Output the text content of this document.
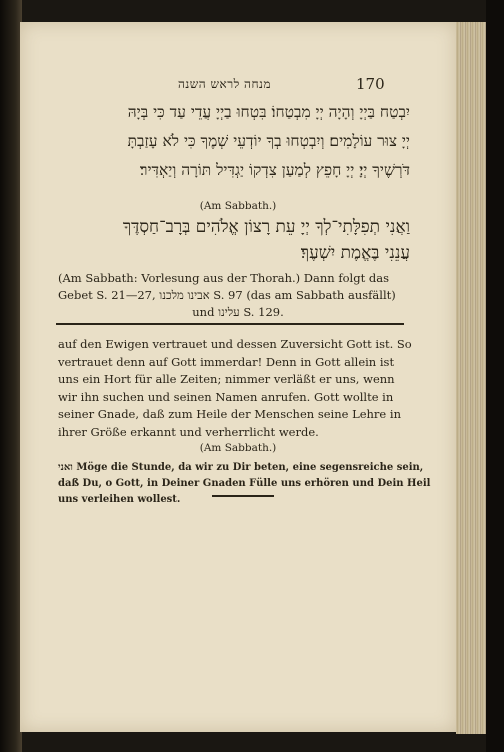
מנחה לראש השנה	170
יִבְטַח בַּיְיָ וְהָיָה יְיָ מִבְטַחוֹ׃ בִּטְחוּ בַיְיָ עֲדֵי עַד כִּי בְּיָהּ
יְיָ צוּר עוֹלָמִים׃ וְיִבְטְחוּ בְךָ יוֹדְעֵי שְׁמֶךָ כִּי לֹא עָזַבְתָּ
דֹּרְשֶׁיךָ יְיָ׃ יְיָ חָפֵץ לְמַעַן צִדְקוֹ יַגְדִּיל תּוֹרָה וְיַאְדִּיר׃
(Am Sabbath.)
וַאֲנִי תְפִלָּתִי־לְךָ יְיָ עֵת רָצוֹן אֱלֹהִים בְּרָב־חַסְדֶּךָ
עֲנֵנִי בֶּאֱמֶת יִשְׁעֶךָ׃
(Am Sabbath: Vorlesung aus der Thorah.) Dann folgt das
Gebet S. 21—27, אבינו מלכנו S. 97 (das am Sabbath ausfällt)
und עלינו S. 129.
auf den Ewigen vertrauet und dessen Zuversicht Gott ist. So
vertrauet denn auf Gott immerdar! Denn in Gott allein ist
uns ein Hort für alle Zeiten; nimmer verläßt er uns, wenn
wir ihn suchen und seinen Namen anrufen. Gott wollte in
seiner Gnade, daß zum Heile der Menschen seine Lehre in
ihrer Größe erkannt und verherrlicht werde.
(Am Sabbath.)
ואני Möge die Stunde, da wir zu Dir beten, eine segensreiche sein,
daß Du, o Gott, in Deiner Gnaden Fülle uns erhören und Dein Heil
uns verleihen wollest.
